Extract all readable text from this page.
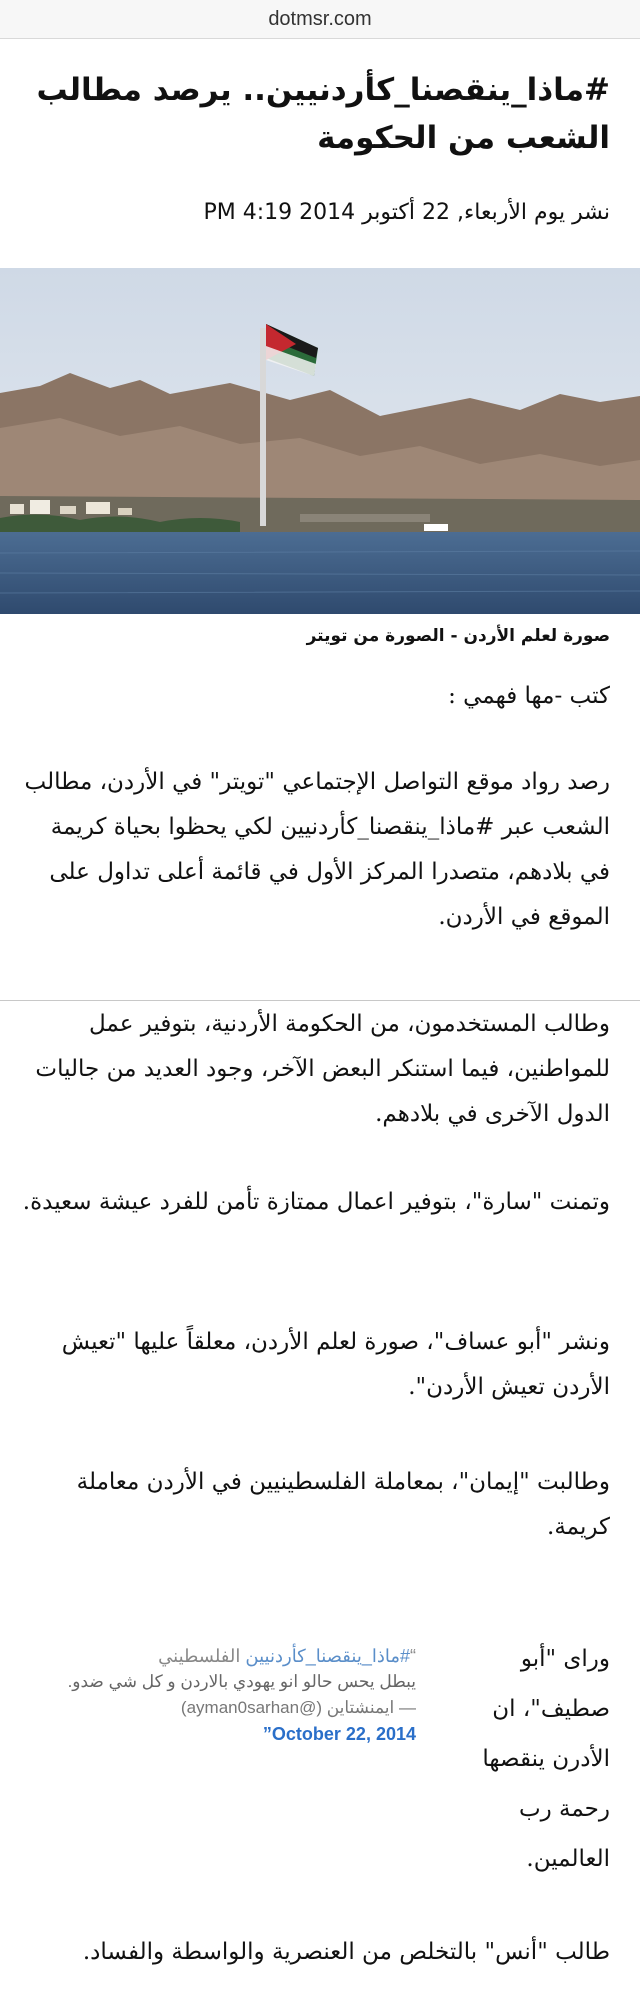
dotmsr.com
#ماذا_ينقصنا_كأردنيين.. يرصد مطالب الشعب من الحكومة
نشر يوم الأربعاء, 22 أكتوبر 2014 4:19 PM
صورة لعلم الأردن - الصورة من تويتر

كتب -مها فهمي :

رصد رواد موقع التواصل الإجتماعي "تويتر" في الأردن، مطالب الشعب عبر #ماذا_ينقصنا_كأردنيين لكي يحظوا بحياة كريمة في بلادهم، متصدرا المركز الأول في قائمة أعلى تداول على الموقع في الأردن.

وطالب المستخدمون، من الحكومة الأردنية، بتوفير عمل للمواطنين، فيما استنكر البعض الآخر، وجود العديد من جاليات الدول الآخرى في بلادهم.

وتمنت "سارة"، بتوفير اعمال ممتازة تأمن للفرد عيشة سعيدة.

ونشر "أبو عساف"، صورة لعلم الأردن، معلقاً عليها "تعيش الأردن تعيش الأردن".

وطالبت "إيمان"، بمعاملة الفلسطينيين في الأردن معاملة كريمة.

وراى "أبو صطيف"، ان الأدرن ينقصها رحمة رب العالمين.
“#ماذا_ينقصنا_كأردنيين الفلسطيني
يبطل يحس حالو انو يهودي بالاردن و كل شي ضدو.
— ايمنشتاين (@ayman0sarhan)
October 22, 2014”

طالب "أنس" بالتخلص من العنصرية والواسطة والفساد.
